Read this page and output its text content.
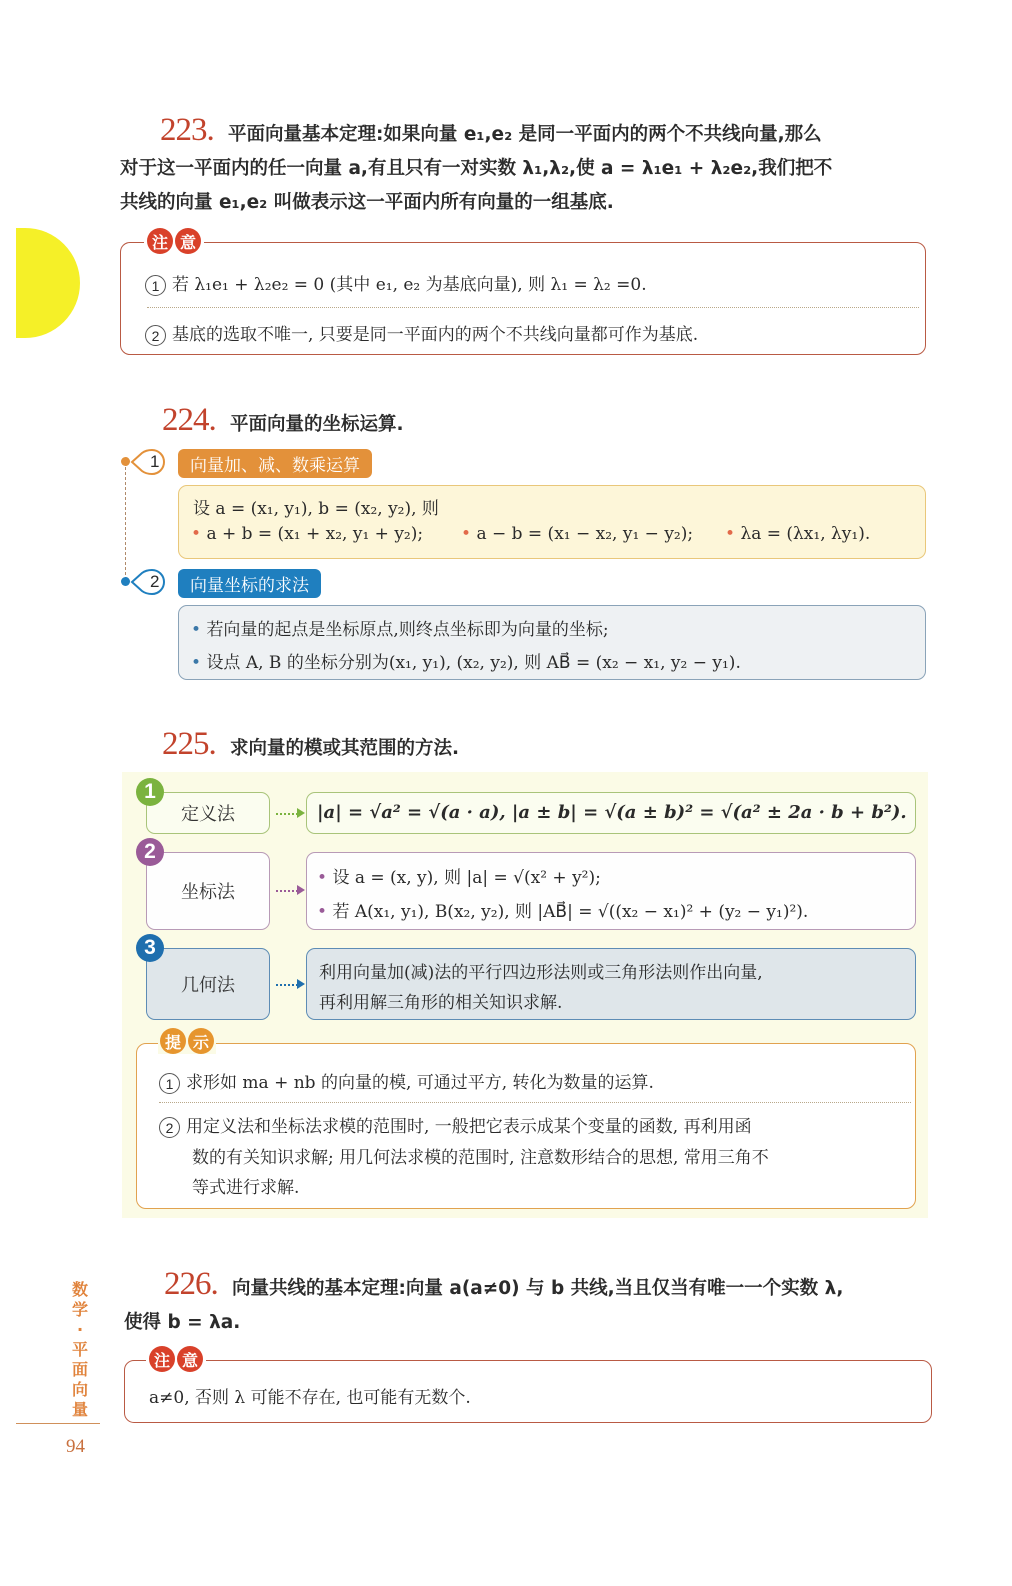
223. 平面向量基本定理:如果向量 e₁,e₂ 是同一平面内的两个不共线向量,那么
对于这一平面内的任一向量 a,有且只有一对实数 λ₁,λ₂,使 a = λ₁e₁ + λ₂e₂,我们把不
共线的向量 e₁,e₂ 叫做表示这一平面内所有向量的一组基底.
1 若 λ₁e₁ + λ₂e₂ = 0 (其中 e₁, e₂ 为基底向量), 则 λ₁ = λ₂ =0.
2 基底的选取不唯一, 只要是同一平面内的两个不共线向量都可作为基底.
注 意
224. 平面向量的坐标运算.
1	向量加、减、数乘运算
设 a = (x₁, y₁), b = (x₂, y₂), 则
• a + b = (x₁ + x₂, y₁ + y₂); • a − b = (x₁ − x₂, y₁ − y₂); • λa = (λx₁, λy₁).
2	向量坐标的求法
• 若向量的起点是坐标原点,则终点坐标即为向量的坐标;
• 设点 A, B 的坐标分别为(x₁, y₁), (x₂, y₂), 则 AB⃗ = (x₂ − x₁, y₂ − y₁).
225. 求向量的模或其范围的方法.
定义法
1
|a| = √a² = √(a · a), |a ± b| = √(a ± b)² = √(a² ± 2a · b + b²).
坐标法
2
• 设 a = (x, y), 则 |a| = √(x² + y²);
• 若 A(x₁, y₁), B(x₂, y₂), 则 |AB⃗| = √((x₂ − x₁)² + (y₂ − y₁)²).
几何法
3
利用向量加(减)法的平行四边形法则或三角形法则作出向量,
再利用解三角形的相关知识求解.
1 求形如 ma + nb 的向量的模, 可通过平方, 转化为数量的运算.
2 用定义法和坐标法求模的范围时, 一般把它表示成某个变量的函数, 再利用函
数的有关知识求解; 用几何法求模的范围时, 注意数形结合的思想, 常用三角不
等式进行求解.
提 示
226. 向量共线的基本定理:向量 a(a≠0) 与 b 共线,当且仅当有唯一一个实数 λ,
使得 b = λa.
a≠0, 否则 λ 可能不存在, 也可能有无数个.
注 意
数
学
·
平
面
向
量
94
